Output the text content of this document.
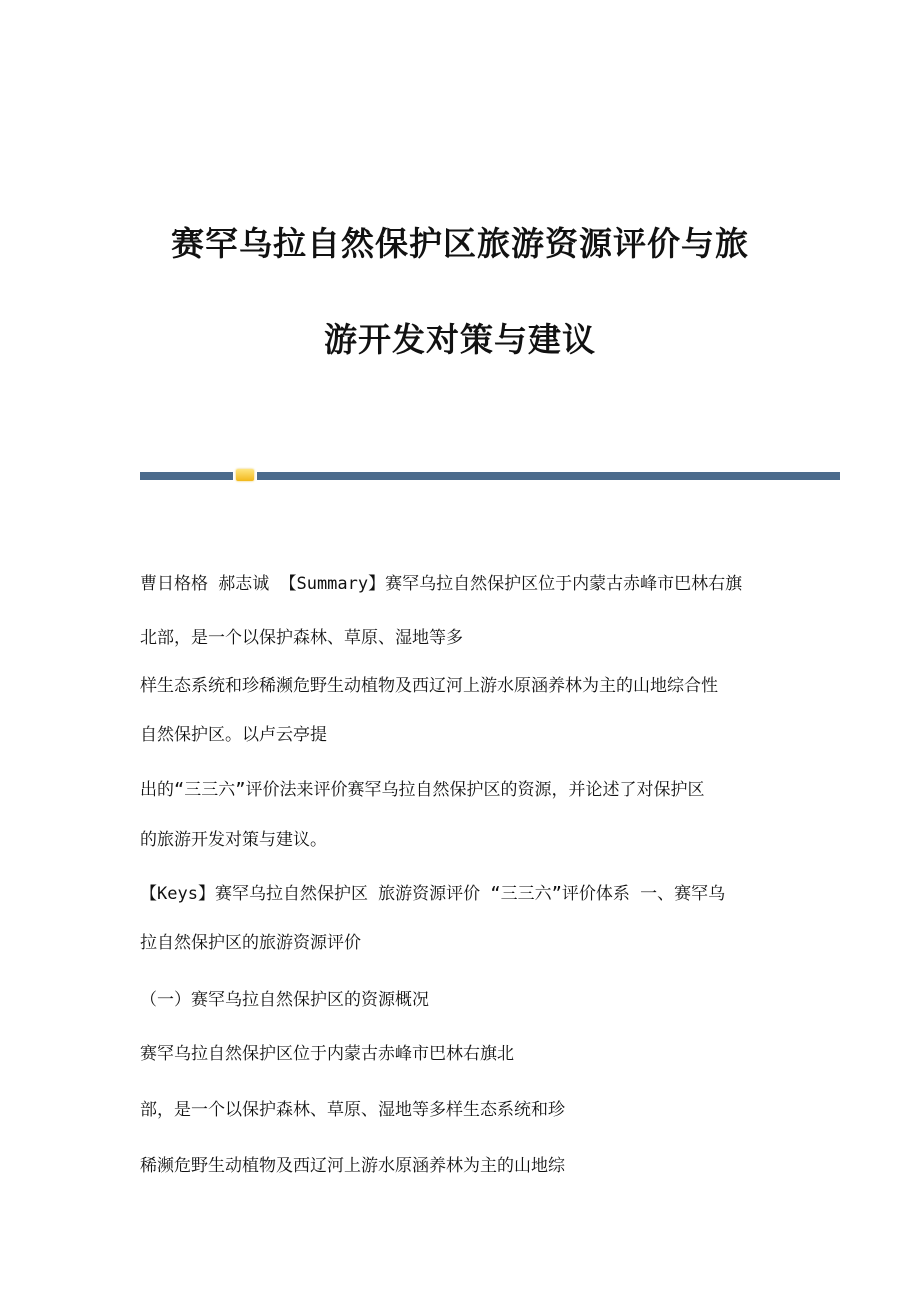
赛罕乌拉自然保护区旅游资源评价与旅
游开发对策与建议
曹日格格 郝志诚 【Summary】赛罕乌拉自然保护区位于内蒙古赤峰市巴林右旗
北部，是一个以保护森林、草原、湿地等多
样生态系统和珍稀濒危野生动植物及西辽河上游水原涵养林为主的山地综合性
自然保护区。以卢云亭提
出的“三三六”评价法来评价赛罕乌拉自然保护区的资源，并论述了对保护区
的旅游开发对策与建议。
【Keys】赛罕乌拉自然保护区 旅游资源评价 “三三六”评价体系 一、赛罕乌
拉自然保护区的旅游资源评价
（一）赛罕乌拉自然保护区的资源概况
赛罕乌拉自然保护区位于内蒙古赤峰市巴林右旗北
部，是一个以保护森林、草原、湿地等多样生态系统和珍
稀濒危野生动植物及西辽河上游水原涵养林为主的山地综
